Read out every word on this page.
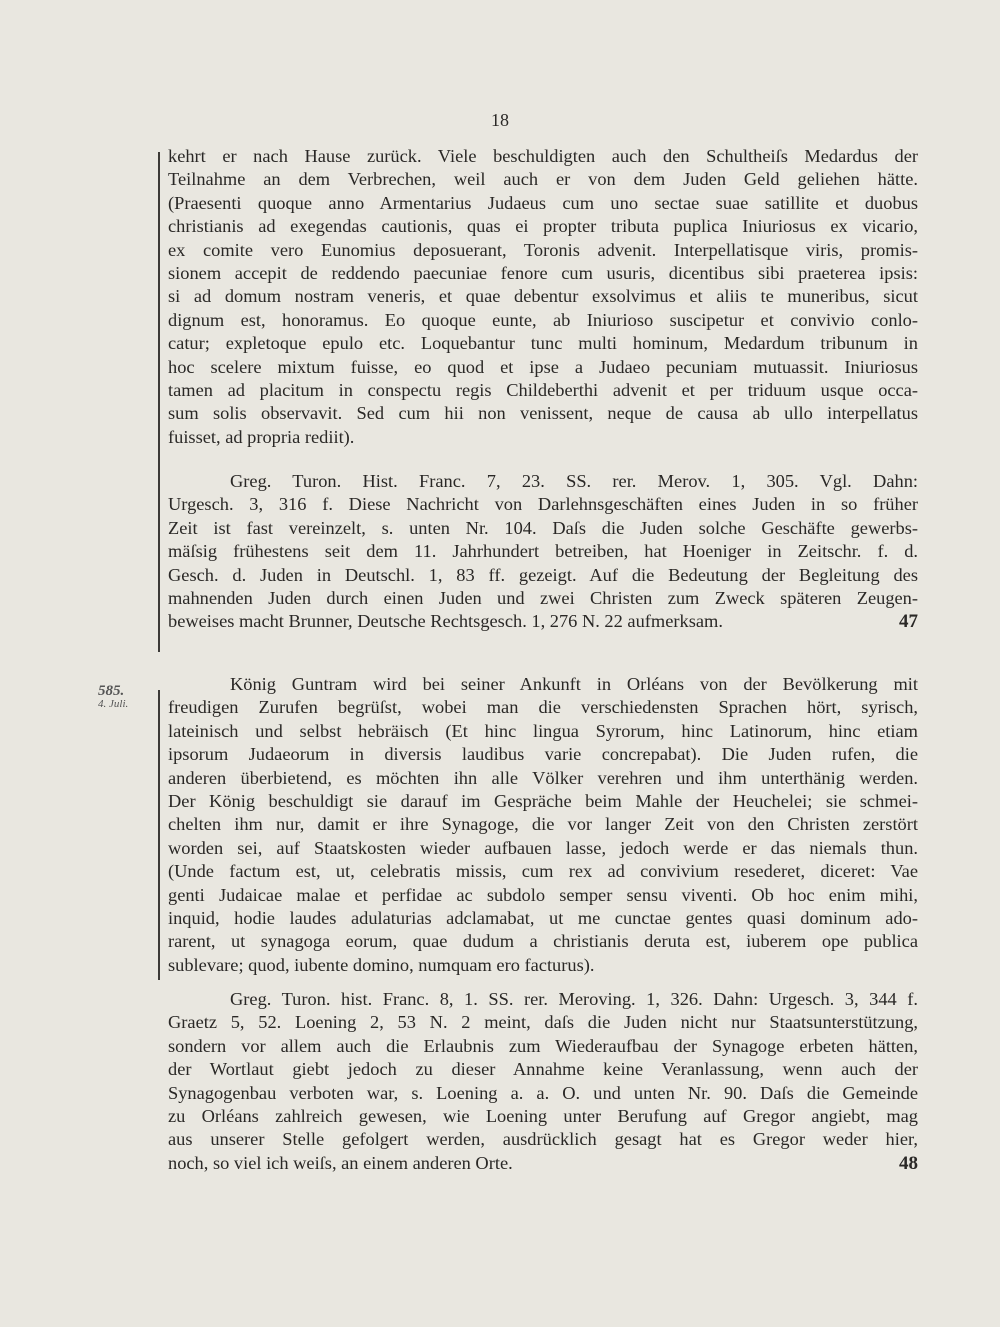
18
585.
4. Juli.
kehrt er nach Hause zurück. Viele beschuldigten auch den Schultheiſs Medardus der
Teilnahme an dem Verbrechen, weil auch er von dem Juden Geld geliehen hätte.
(Praesenti quoque anno Armentarius Judaeus cum uno sectae suae satillite et duobus
christianis ad exegendas cautionis, quas ei propter tributa puplica Iniuriosus ex vicario,
ex comite vero Eunomius deposuerant, Toronis advenit. Interpellatisque viris, promis-
sionem accepit de reddendo paecuniae fenore cum usuris, dicentibus sibi praeterea ipsis:
si ad domum nostram veneris, et quae debentur exsolvimus et aliis te muneribus, sicut
dignum est, honoramus. Eo quoque eunte, ab Iniurioso suscipetur et convivio conlo-
catur; expletoque epulo etc. Loquebantur tunc multi hominum, Medardum tribunum in
hoc scelere mixtum fuisse, eo quod et ipse a Judaeo pecuniam mutuassit. Iniuriosus
tamen ad placitum in conspectu regis Childeberthi advenit et per triduum usque occa-
sum solis observavit. Sed cum hii non venissent, neque de causa ab ullo interpellatus
fuisset, ad propria rediit).
Greg. Turon. Hist. Franc. 7, 23. SS. rer. Merov. 1, 305. Vgl. Dahn:
Urgesch. 3, 316 f. Diese Nachricht von Darlehnsgeschäften eines Juden in so früher
Zeit ist fast vereinzelt, s. unten Nr. 104. Daſs die Juden solche Geschäfte gewerbs-
mäſsig frühestens seit dem 11. Jahrhundert betreiben, hat Hoeniger in Zeitschr. f. d.
Gesch. d. Juden in Deutschl. 1, 83 ff. gezeigt. Auf die Bedeutung der Begleitung des
mahnenden Juden durch einen Juden und zwei Christen zum Zweck späteren Zeugen-
beweises macht Brunner, Deutsche Rechtsgesch. 1, 276 N. 22 aufmerksam.	47
König Guntram wird bei seiner Ankunft in Orléans von der Bevölkerung mit
freudigen Zurufen begrüſst, wobei man die verschiedensten Sprachen hört, syrisch,
lateinisch und selbst hebräisch (Et hinc lingua Syrorum, hinc Latinorum, hinc etiam
ipsorum Judaeorum in diversis laudibus varie concrepabat). Die Juden rufen, die
anderen überbietend, es möchten ihn alle Völker verehren und ihm unterthänig werden.
Der König beschuldigt sie darauf im Gespräche beim Mahle der Heuchelei; sie schmei-
chelten ihm nur, damit er ihre Synagoge, die vor langer Zeit von den Christen zerstört
worden sei, auf Staatskosten wieder aufbauen lasse, jedoch werde er das niemals thun.
(Unde factum est, ut, celebratis missis, cum rex ad convivium resederet, diceret: Vae
genti Judaicae malae et perfidae ac subdolo semper sensu viventi. Ob hoc enim mihi,
inquid, hodie laudes adulaturias adclamabat, ut me cunctae gentes quasi dominum ado-
rarent, ut synagoga eorum, quae dudum a christianis deruta est, iuberem ope publica
sublevare; quod, iubente domino, numquam ero facturus).
Greg. Turon. hist. Franc. 8, 1. SS. rer. Meroving. 1, 326. Dahn: Urgesch. 3, 344 f.
Graetz 5, 52. Loening 2, 53 N. 2 meint, daſs die Juden nicht nur Staatsunterstützung,
sondern vor allem auch die Erlaubnis zum Wiederaufbau der Synagoge erbeten hätten,
der Wortlaut giebt jedoch zu dieser Annahme keine Veranlassung, wenn auch der
Synagogenbau verboten war, s. Loening a. a. O. und unten Nr. 90. Daſs die Gemeinde
zu Orléans zahlreich gewesen, wie Loening unter Berufung auf Gregor angiebt, mag
aus unserer Stelle gefolgert werden, ausdrücklich gesagt hat es Gregor weder hier,
noch, so viel ich weiſs, an einem anderen Orte.	48
